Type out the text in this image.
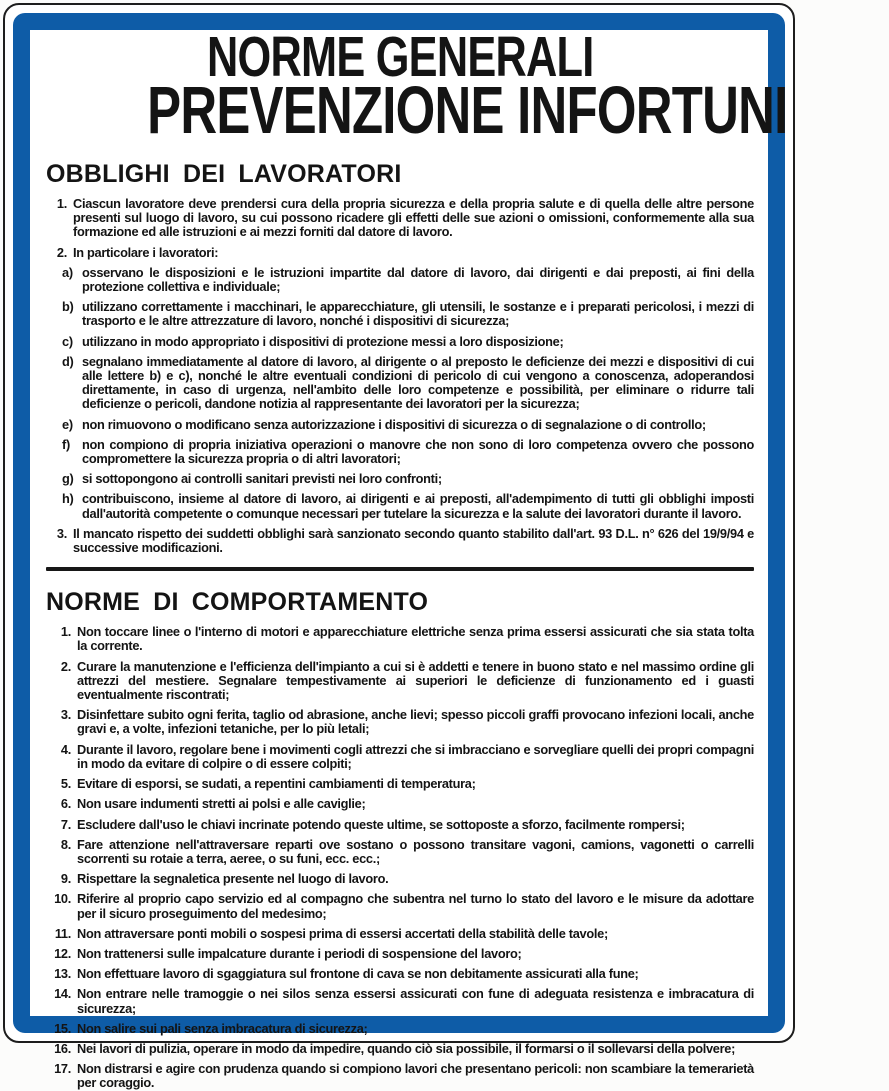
NORME GENERALI
PREVENZIONE INFORTUNI
OBBLIGHI DEI LAVORATORI
1. Ciascun lavoratore deve prendersi cura della propria sicurezza e della propria salute e di quella delle altre persone presenti sul luogo di lavoro, su cui possono ricadere gli effetti delle sue azioni o omissioni, conformemente alla sua formazione ed alle istruzioni e ai mezzi forniti dal datore di lavoro.
2. In particolare i lavoratori:
a) osservano le disposizioni e le istruzioni impartite dal datore di lavoro, dai dirigenti e dai preposti, ai fini della protezione collettiva e individuale;
b) utilizzano correttamente i macchinari, le apparecchiature, gli utensili, le sostanze e i preparati pericolosi, i mezzi di trasporto e le altre attrezzature di lavoro, nonché i dispositivi di sicurezza;
c) utilizzano in modo appropriato i dispositivi di protezione messi a loro disposizione;
d) segnalano immediatamente al datore di lavoro, al dirigente o al preposto le deficienze dei mezzi e dispositivi di cui alle lettere b) e c), nonché le altre eventuali condizioni di pericolo di cui vengono a conoscenza, adoperandosi direttamente, in caso di urgenza, nell'ambito delle loro competenze e possibilità, per eliminare o ridurre tali deficienze o pericoli, dandone notizia al rappresentante dei lavoratori per la sicurezza;
e) non rimuovono o modificano senza autorizzazione i dispositivi di sicurezza o di segnalazione o di controllo;
f) non compiono di propria iniziativa operazioni o manovre che non sono di loro competenza ovvero che possono compromettere la sicurezza propria o di altri lavoratori;
g) si sottopongono ai controlli sanitari previsti nei loro confronti;
h) contribuiscono, insieme al datore di lavoro, ai dirigenti e ai preposti, all'adempimento di tutti gli obblighi imposti dall'autorità competente o comunque necessari per tutelare la sicurezza e la salute dei lavoratori durante il lavoro.
3. Il mancato rispetto dei suddetti obblighi sarà sanzionato secondo quanto stabilito dall'art. 93 D.L. n° 626 del 19/9/94 e successive modificazioni.
NORME DI COMPORTAMENTO
1. Non toccare linee o l'interno di motori e apparecchiature elettriche senza prima essersi assicurati che sia stata tolta la corrente.
2. Curare la manutenzione e l'efficienza dell'impianto a cui si è addetti e tenere in buono stato e nel massimo ordine gli attrezzi del mestiere. Segnalare tempestivamente ai superiori le deficienze di funzionamento ed i guasti eventualmente riscontrati;
3. Disinfettare subito ogni ferita, taglio od abrasione, anche lievi; spesso piccoli graffi provocano infezioni locali, anche gravi e, a volte, infezioni tetaniche, per lo più letali;
4. Durante il lavoro, regolare bene i movimenti cogli attrezzi che si imbracciano e sorvegliare quelli dei propri compagni in modo da evitare di colpire o di essere colpiti;
5. Evitare di esporsi, se sudati, a repentini cambiamenti di temperatura;
6. Non usare indumenti stretti ai polsi e alle caviglie;
7. Escludere dall'uso le chiavi incrinate potendo queste ultime, se sottoposte a sforzo, facilmente rompersi;
8. Fare attenzione nell'attraversare reparti ove sostano o possono transitare vagoni, camions, vagonetti o carrelli scorrenti su rotaie a terra, aeree, o su funi, ecc. ecc.;
9. Rispettare la segnaletica presente nel luogo di lavoro.
10. Riferire al proprio capo servizio ed al compagno che subentra nel turno lo stato del lavoro e le misure da adottare per il sicuro proseguimento del medesimo;
11. Non attraversare ponti mobili o sospesi prima di essersi accertati della stabilità delle tavole;
12. Non trattenersi sulle impalcature durante i periodi di sospensione del lavoro;
13. Non effettuare lavoro di sgaggiatura sul frontone di cava se non debitamente assicurati alla fune;
14. Non entrare nelle tramoggie o nei silos senza essersi assicurati con fune di adeguata resistenza e imbracatura di sicurezza;
15. Non salire sui pali senza imbracatura di sicurezza;
16. Nei lavori di pulizia, operare in modo da impedire, quando ciò sia possibile, il formarsi o il sollevarsi della polvere;
17. Non distrarsi e agire con prudenza quando si compiono lavori che presentano pericoli: non scambiare la temerarietà per coraggio.
